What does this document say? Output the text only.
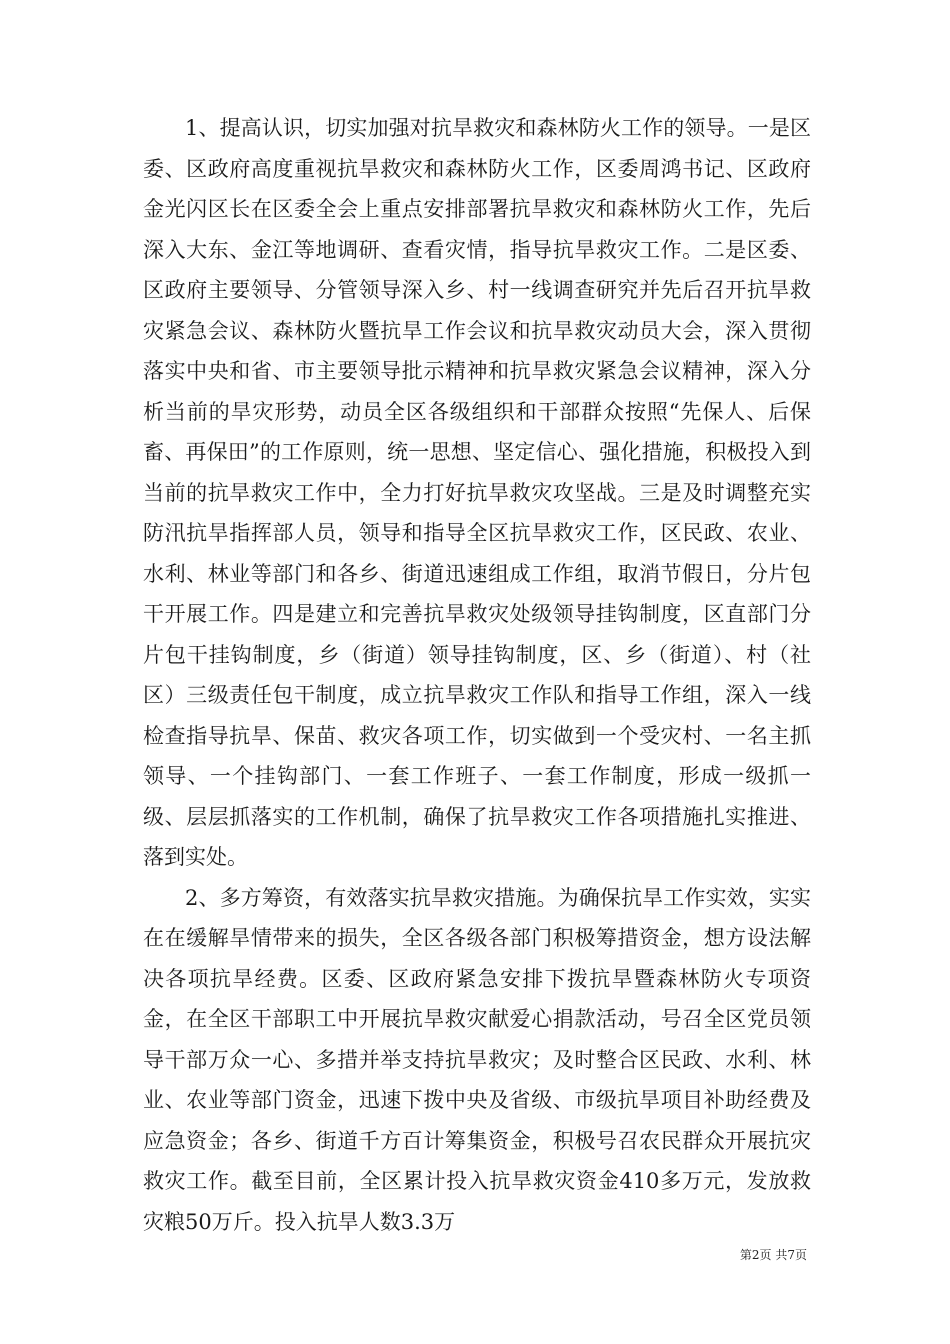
1、提高认识，切实加强对抗旱救灾和森林防火工作的领导。一是区委、区政府高度重视抗旱救灾和森林防火工作，区委周鸿书记、区政府金光闪区长在区委全会上重点安排部署抗旱救灾和森林防火工作，先后深入大东、金江等地调研、查看灾情，指导抗旱救灾工作。二是区委、区政府主要领导、分管领导深入乡、村一线调查研究并先后召开抗旱救灾紧急会议、森林防火暨抗旱工作会议和抗旱救灾动员大会，深入贯彻落实中央和省、市主要领导批示精神和抗旱救灾紧急会议精神，深入分析当前的旱灾形势，动员全区各级组织和干部群众按照“先保人、后保畜、再保田”的工作原则，统一思想、坚定信心、强化措施，积极投入到当前的抗旱救灾工作中，全力打好抗旱救灾攻坚战。三是及时调整充实防汛抗旱指挥部人员，领导和指导全区抗旱救灾工作，区民政、农业、水利、林业等部门和各乡、街道迅速组成工作组，取消节假日，分片包干开展工作。四是建立和完善抗旱救灾处级领导挂钩制度，区直部门分片包干挂钩制度，乡（街道）领导挂钩制度，区、乡（街道）、村（社区）三级责任包干制度，成立抗旱救灾工作队和指导工作组，深入一线检查指导抗旱、保苗、救灾各项工作，切实做到一个受灾村、一名主抓领导、一个挂钩部门、一套工作班子、一套工作制度，形成一级抓一级、层层抓落实的工作机制，确保了抗旱救灾工作各项措施扎实推进、落到实处。

2、多方筹资，有效落实抗旱救灾措施。为确保抗旱工作实效，实实在在缓解旱情带来的损失，全区各级各部门积极筹措资金，想方设法解决各项抗旱经费。区委、区政府紧急安排下拨抗旱暨森林防火专项资金，在全区干部职工中开展抗旱救灾献爱心捐款活动，号召全区党员领导干部万众一心、多措并举支持抗旱救灾；及时整合区民政、水利、林业、农业等部门资金，迅速下拨中央及省级、市级抗旱项目补助经费及应急资金；各乡、街道千方百计筹集资金，积极号召农民群众开展抗灾救灾工作。截至目前，全区累计投入抗旱救灾资金410多万元，发放救灾粮50万斤。投入抗旱人数3.3万

第2页 共7页
